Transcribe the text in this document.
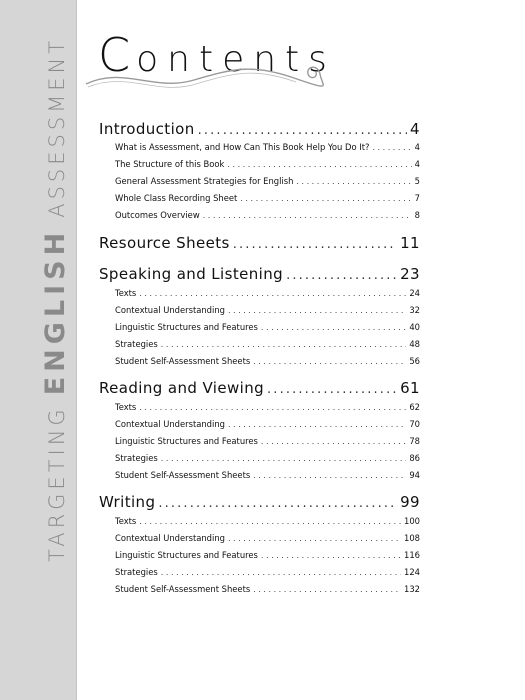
TARGETINGENGLISHASSESSMENT Contents
Introduction . . .	4
What is Assessment, and How Can This Book Help You Do It? . . .	4
The Structure of this Book . . .	4
General Assessment Strategies for English . . .	5
Whole Class Recording Sheet . . .	7
Outcomes Overview . . .	8
Resource Sheets . . .	11
Speaking and Listening . . .	23
Texts . . .	24
Contextual Understanding . . .	32
Linguistic Structures and Features . . .	40
Strategies . . .	48
Student Self-Assessment Sheets . . .	56
Reading and Viewing . . .	61
Texts . . .	62
Contextual Understanding . . .	70
Linguistic Structures and Features . . .	78
Strategies . . .	86
Student Self-Assessment Sheets . . .	94
Writing . . .	99
Texts . . .	100
Contextual Understanding . . .	108
Linguistic Structures and Features . . .	116
Strategies . . .	124
Student Self-Assessment Sheets . . .	132
